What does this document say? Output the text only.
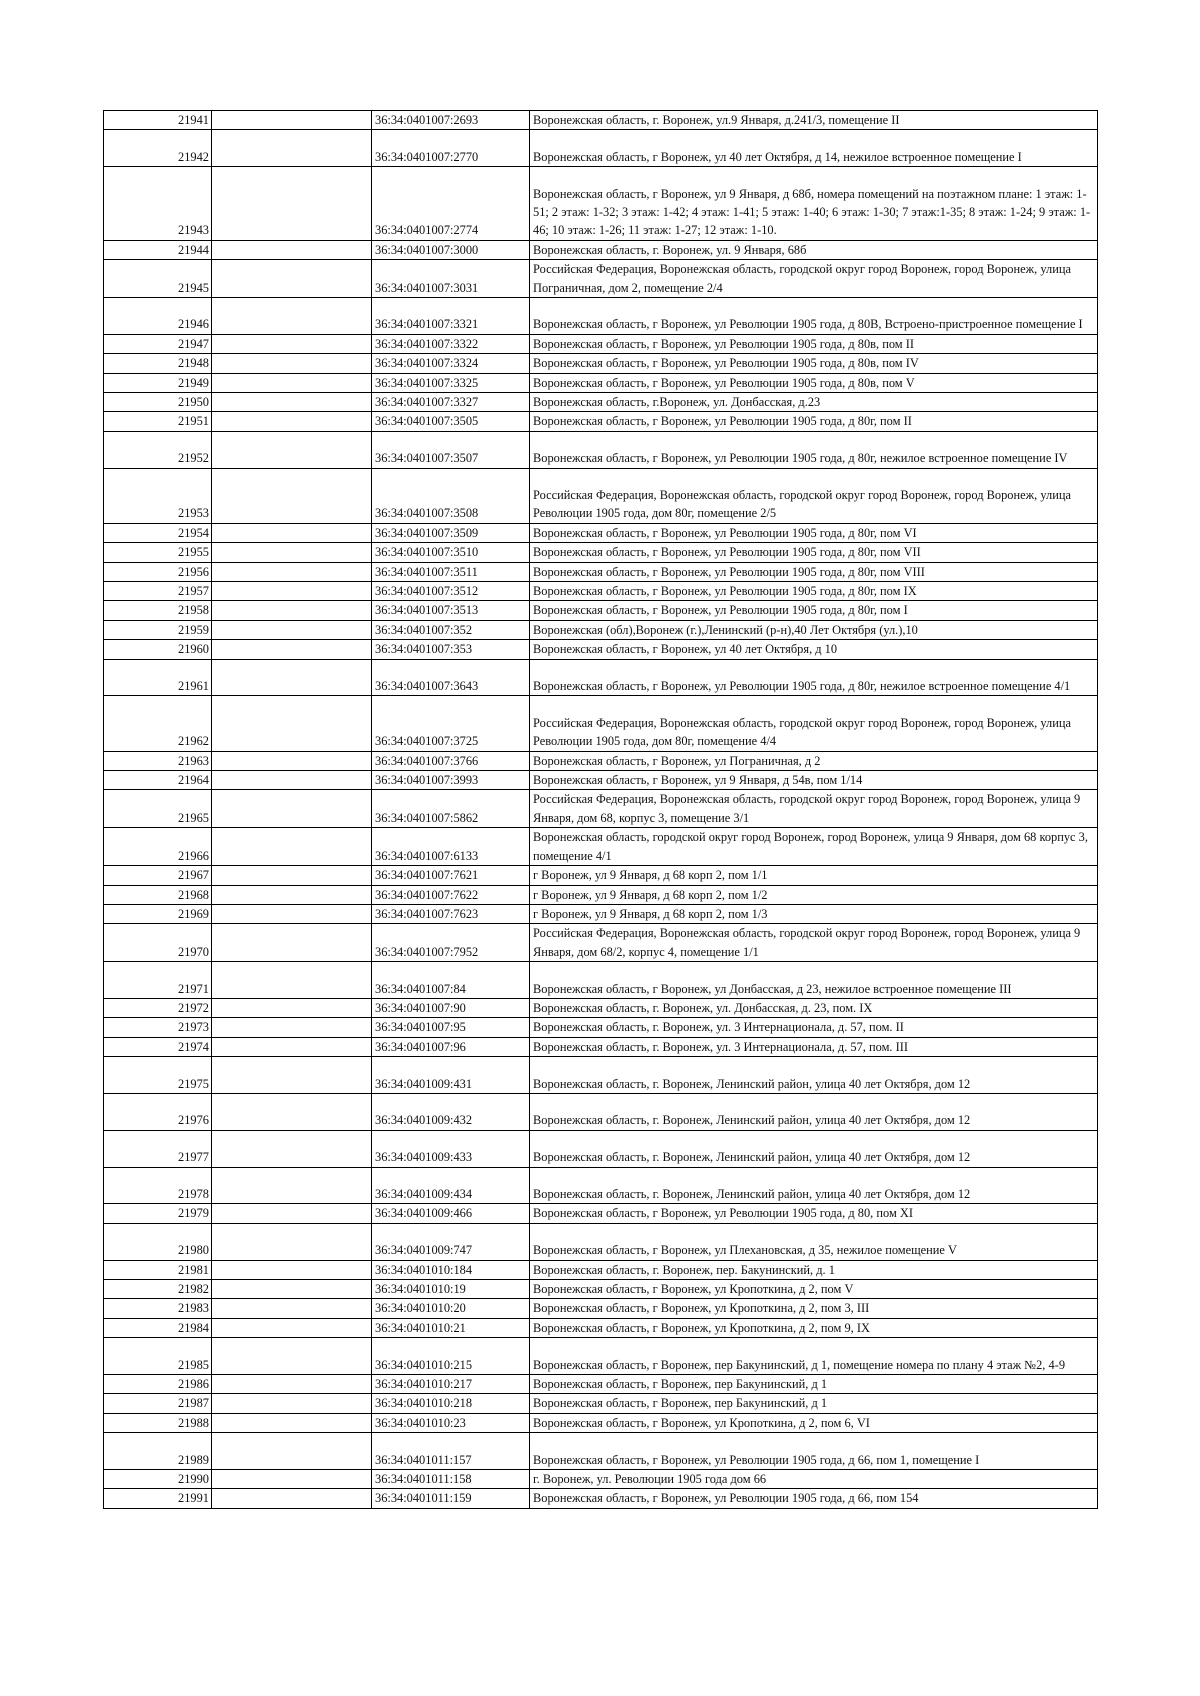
21941		36:34:0401007:2693	Воронежская область, г. Воронеж, ул.9 Января, д.241/3, помещение II
21942		36:34:0401007:2770	Воронежская область, г Воронеж, ул 40 лет Октября, д 14, нежилое встроенное помещение I
21943		36:34:0401007:2774	Воронежская область, г Воронеж, ул 9 Января, д 68б, номера помещений на поэтажном плане: 1 этаж: 1-51; 2 этаж: 1-32; 3 этаж: 1-42; 4 этаж: 1-41; 5 этаж: 1-40; 6 этаж: 1-30; 7 этаж:1-35; 8 этаж: 1-24; 9 этаж: 1-46; 10 этаж: 1-26; 11 этаж: 1-27; 12 этаж: 1-10.
21944		36:34:0401007:3000	Воронежская область, г. Воронеж, ул. 9 Января, 68б
21945		36:34:0401007:3031	Российская Федерация, Воронежская область, городской округ город Воронеж, город Воронеж, улица Пограничная, дом 2, помещение 2/4
21946		36:34:0401007:3321	Воронежская область, г Воронеж, ул Революции 1905 года, д 80В, Встроено-пристроенное помещение I
21947		36:34:0401007:3322	Воронежская область, г Воронеж, ул Революции 1905 года, д 80в, пом II
21948		36:34:0401007:3324	Воронежская область, г Воронеж, ул Революции 1905 года, д 80в, пом IV
21949		36:34:0401007:3325	Воронежская область, г Воронеж, ул Революции 1905 года, д 80в, пом V
21950		36:34:0401007:3327	Воронежская область, г.Воронеж, ул. Донбасская, д.23
21951		36:34:0401007:3505	Воронежская область, г Воронеж, ул Революции 1905 года, д 80г, пом II
21952		36:34:0401007:3507	Воронежская область, г Воронеж, ул Революции 1905 года, д 80г, нежилое встроенное помещение IV
21953		36:34:0401007:3508	Российская Федерация, Воронежская область, городской округ город Воронеж, город Воронеж, улица Революции 1905 года, дом 80г, помещение 2/5
21954		36:34:0401007:3509	Воронежская область, г Воронеж, ул Революции 1905 года, д 80г, пом VI
21955		36:34:0401007:3510	Воронежская область, г Воронеж, ул Революции 1905 года, д 80г, пом VII
21956		36:34:0401007:3511	Воронежская область, г Воронеж, ул Революции 1905 года, д 80г, пом VIII
21957		36:34:0401007:3512	Воронежская область, г Воронеж, ул Революции 1905 года, д 80г, пом IX
21958		36:34:0401007:3513	Воронежская область, г Воронеж, ул Революции 1905 года, д 80г, пом I
21959		36:34:0401007:352	Воронежская (обл),Воронеж (г.),Ленинский (р-н),40 Лет Октября (ул.),10
21960		36:34:0401007:353	Воронежская область, г Воронеж, ул 40 лет Октября, д 10
21961		36:34:0401007:3643	Воронежская область, г Воронеж, ул Революции 1905 года, д 80г, нежилое встроенное помещение 4/1
21962		36:34:0401007:3725	Российская Федерация, Воронежская область, городской округ город Воронеж, город Воронеж, улица Революции 1905 года, дом 80г, помещение 4/4
21963		36:34:0401007:3766	Воронежская область, г Воронеж, ул Пограничная, д 2
21964		36:34:0401007:3993	Воронежская область, г Воронеж, ул 9 Января, д 54в, пом 1/14
21965		36:34:0401007:5862	Российская Федерация, Воронежская область, городской округ город Воронеж, город Воронеж, улица 9 Января, дом 68, корпус 3, помещение 3/1
21966		36:34:0401007:6133	Воронежская область, городской округ город Воронеж, город Воронеж, улица 9 Января, дом 68 корпус 3, помещение 4/1
21967		36:34:0401007:7621	г Воронеж, ул 9 Января, д 68 корп 2, пом 1/1
21968		36:34:0401007:7622	г Воронеж, ул 9 Января, д 68 корп 2, пом 1/2
21969		36:34:0401007:7623	г Воронеж, ул 9 Января, д 68 корп 2, пом 1/3
21970		36:34:0401007:7952	Российская Федерация, Воронежская область, городской округ город Воронеж, город Воронеж, улица 9 Января, дом 68/2, корпус 4, помещение 1/1
21971		36:34:0401007:84	Воронежская область, г Воронеж, ул Донбасская, д 23, нежилое встроенное помещение III
21972		36:34:0401007:90	Воронежская область, г. Воронеж, ул. Донбасская, д. 23, пом. IX
21973		36:34:0401007:95	Воронежская область, г. Воронеж, ул. 3 Интернационала, д. 57, пом. II
21974		36:34:0401007:96	Воронежская область, г. Воронеж, ул. 3 Интернационала, д. 57, пом. III
21975		36:34:0401009:431	Воронежская область, г. Воронеж, Ленинский район, улица 40 лет Октября, дом 12
21976		36:34:0401009:432	Воронежская область, г. Воронеж, Ленинский район, улица 40 лет Октября, дом 12
21977		36:34:0401009:433	Воронежская область, г. Воронеж, Ленинский район, улица 40 лет Октября, дом 12
21978		36:34:0401009:434	Воронежская область, г. Воронеж, Ленинский район, улица 40 лет Октября, дом 12
21979		36:34:0401009:466	Воронежская область, г Воронеж, ул Революции 1905 года, д 80, пом XI
21980		36:34:0401009:747	Воронежская область, г Воронеж, ул Плехановская, д 35, нежилое помещение V
21981		36:34:0401010:184	Воронежская область, г. Воронеж, пер. Бакунинский, д. 1
21982		36:34:0401010:19	Воронежская область, г Воронеж, ул Кропоткина, д 2, пом V
21983		36:34:0401010:20	Воронежская область, г Воронеж, ул Кропоткина, д 2, пом 3, III
21984		36:34:0401010:21	Воронежская область, г Воронеж, ул Кропоткина, д 2, пом 9, IX
21985		36:34:0401010:215	Воронежская область, г Воронеж, пер Бакунинский, д 1, помещение номера по плану 4 этаж №2, 4-9
21986		36:34:0401010:217	Воронежская область, г Воронеж, пер Бакунинский, д 1
21987		36:34:0401010:218	Воронежская область, г Воронеж, пер Бакунинский, д 1
21988		36:34:0401010:23	Воронежская область, г Воронеж, ул Кропоткина, д 2, пом 6, VI
21989		36:34:0401011:157	Воронежская область, г Воронеж, ул Революции 1905 года, д 66, пом 1, помещение I
21990		36:34:0401011:158	г. Воронеж, ул. Революции 1905 года дом 66
21991		36:34:0401011:159	Воронежская область, г Воронеж, ул Революции 1905 года, д 66, пом 154
